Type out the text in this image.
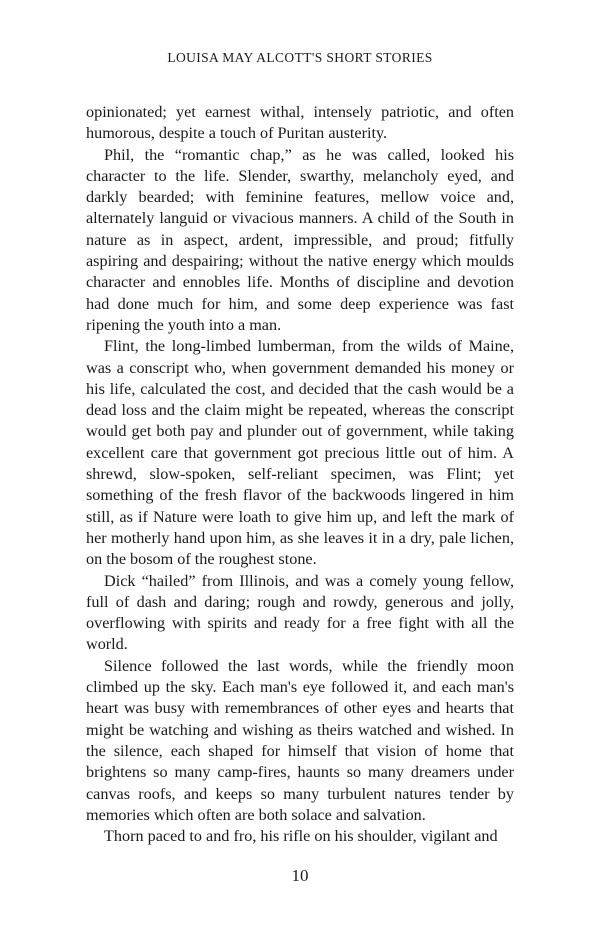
LOUISA MAY ALCOTT'S SHORT STORIES

opinionated; yet earnest withal, intensely patriotic, and often humorous, despite a touch of Puritan austerity.

Phil, the “romantic chap,” as he was called, looked his character to the life. Slender, swarthy, melancholy eyed, and darkly bearded; with feminine features, mellow voice and, alternately languid or vivacious manners. A child of the South in nature as in aspect, ardent, impressible, and proud; fitfully aspiring and despairing; without the native energy which moulds character and ennobles life. Months of discipline and devotion had done much for him, and some deep experience was fast ripening the youth into a man.

Flint, the long-limbed lumberman, from the wilds of Maine, was a conscript who, when government demanded his money or his life, calculated the cost, and decided that the cash would be a dead loss and the claim might be repeated, whereas the conscript would get both pay and plunder out of government, while taking excellent care that government got precious little out of him. A shrewd, slow-spoken, self-reliant specimen, was Flint; yet something of the fresh flavor of the backwoods lingered in him still, as if Nature were loath to give him up, and left the mark of her motherly hand upon him, as she leaves it in a dry, pale lichen, on the bosom of the roughest stone.

Dick “hailed” from Illinois, and was a comely young fellow, full of dash and daring; rough and rowdy, generous and jolly, overflowing with spirits and ready for a free fight with all the world.

Silence followed the last words, while the friendly moon climbed up the sky. Each man's eye followed it, and each man's heart was busy with remembrances of other eyes and hearts that might be watching and wishing as theirs watched and wished. In the silence, each shaped for himself that vision of home that brightens so many camp-fires, haunts so many dreamers under canvas roofs, and keeps so many turbulent natures tender by memories which often are both solace and salvation.

Thorn paced to and fro, his rifle on his shoulder, vigilant and

10
